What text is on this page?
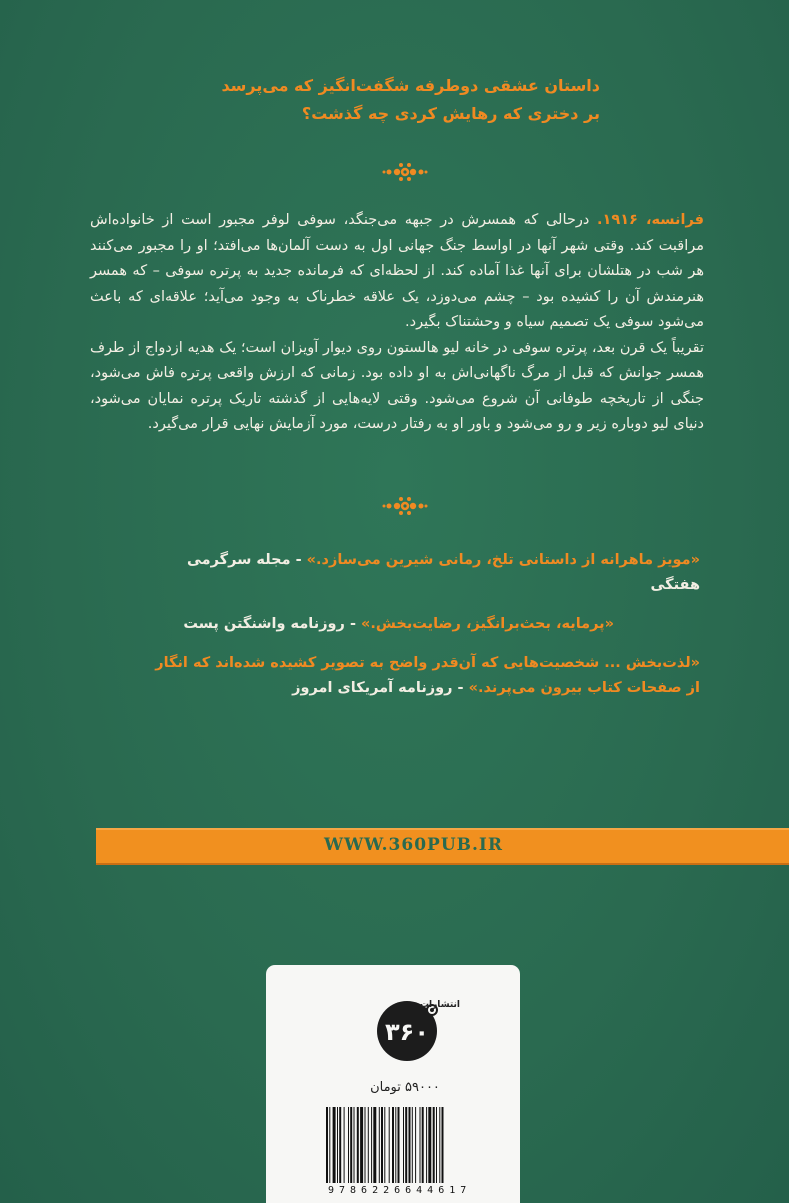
داستان عشقی دوطرفه شگفت‌انگیز که می‌پرسد
بر دختری که رهایش کردی چه گذشت؟

فرانسه، ۱۹۱۶. درحالی که همسرش در جبهه می‌جنگد، سوفی لوفر مجبور است از خانواده‌اش مراقبت کند. وقتی شهر آنها در اواسط جنگ جهانی اول به دست آلمان‌ها می‌افتد؛ او را مجبور می‌کنند هر شب در هتلشان برای آنها غذا آماده کند. از لحظه‌ای که فرمانده جدید به پرتره سوفی – که همسر هنرمندش آن را کشیده بود – چشم می‌دوزد، یک علاقه خطرناک به وجود می‌آید؛ علاقه‌ای که باعث می‌شود سوفی یک تصمیم سیاه و وحشتناک بگیرد.

تقریباً یک قرن بعد، پرتره سوفی در خانه لیو هالستون روی دیوار آویزان است؛ یک هدیه ازدواج از طرف همسر جوانش که قبل از مرگ ناگهانی‌اش به او داده بود. زمانی که ارزش واقعی پرتره فاش می‌شود، جنگی از تاریخچه طوفانی آن شروع می‌شود. وقتی لایه‌هایی از گذشته تاریک پرتره نمایان می‌شود، دنیای لیو دوباره زیر و رو می‌شود و باور او به رفتار درست، مورد آزمایش نهایی قرار می‌گیرد.

«مویز ماهرانه از داستانی تلخ، رمانی شیرین می‌سازد.» - مجله سرگرمی هفتگی

«پرمایه، بحث‌برانگیز، رضایت‌بخش.» - روزنامه واشنگتن پست

«لذت‌بخش ... شخصیت‌هایی که آن‌قدر واضح به تصویر کشیده شده‌اند که انگار از صفحات کتاب بیرون می‌پرند.» - روزنامه آمریکای امروز

WWW.360PUB.IR
انتشارات
۳۶۰
۵۹۰۰۰ تومان
9786226644617
